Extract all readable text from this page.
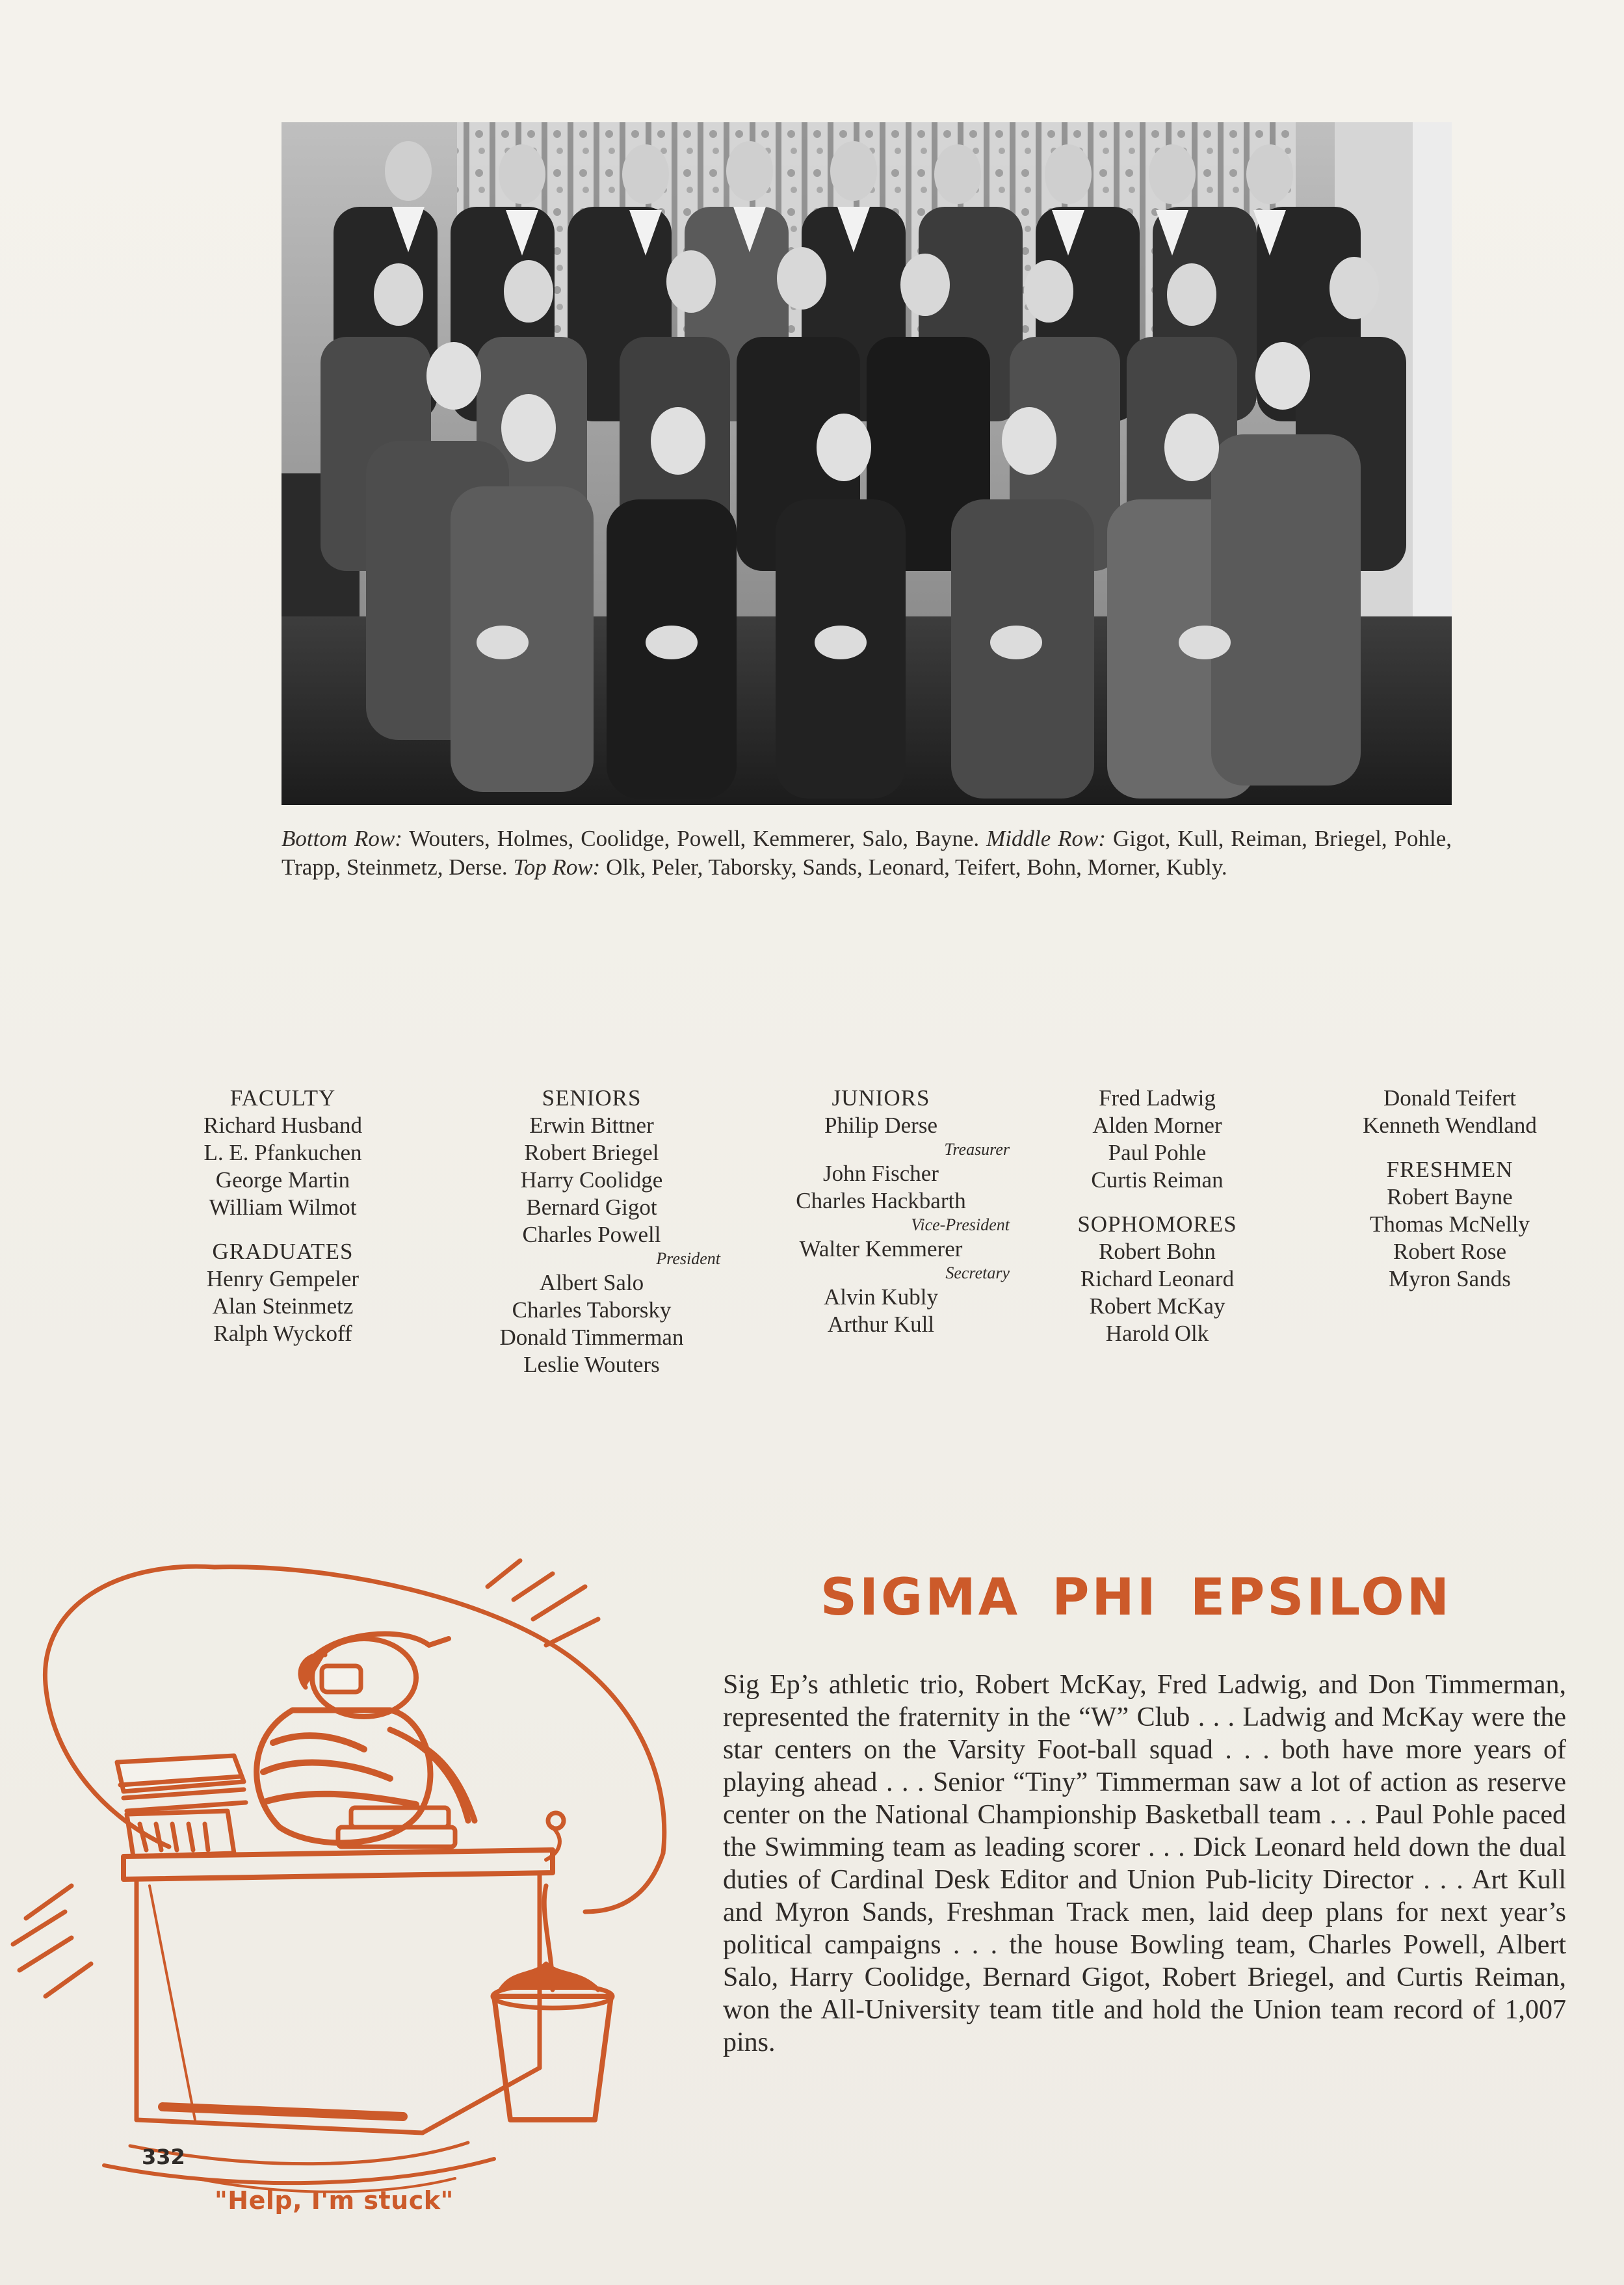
Bottom Row: Wouters, Holmes, Coolidge, Powell, Kemmerer, Salo, Bayne. Middle Row: Gigot, Kull, Reiman, Briegel, Pohle, Trapp, Steinmetz, Derse. Top Row: Olk, Peler, Taborsky, Sands, Leonard, Teifert, Bohn, Morner, Kubly.
FACULTY
Richard Husband
L. E. Pfankuchen
George Martin
William Wilmot
GRADUATES
Henry Gempeler
Alan Steinmetz
Ralph Wyckoff
SENIORS
Erwin Bittner
Robert Briegel
Harry Coolidge
Bernard Gigot
Charles Powell
President
Albert Salo
Charles Taborsky
Donald Timmerman
Leslie Wouters
JUNIORS
Philip Derse
Treasurer
John Fischer
Charles Hackbarth
Vice-President
Walter Kemmerer
Secretary
Alvin Kubly
Arthur Kull
Fred Ladwig
Alden Morner
Paul Pohle
Curtis Reiman
SOPHOMORES
Robert Bohn
Richard Leonard
Robert McKay
Harold Olk
Donald Teifert
Kenneth Wendland
FRESHMEN
Robert Bayne
Thomas McNelly
Robert Rose
Myron Sands
332
"Help, I'm stuck"
SIGMA PHI EPSILON
Sig Ep’s athletic trio, Robert McKay, Fred Ladwig, and Don Timmerman, represented the fraternity in the “W” Club . . . Ladwig and McKay were the star centers on the Varsity Foot-ball squad . . . both have more years of playing ahead . . . Senior “Tiny” Timmerman saw a lot of action as reserve center on the National Championship Basketball team . . . Paul Pohle paced the Swimming team as leading scorer . . . Dick Leonard held down the dual duties of Cardinal Desk Editor and Union Pub-licity Director . . . Art Kull and Myron Sands, Freshman Track men, laid deep plans for next year’s political campaigns . . . the house Bowling team, Charles Powell, Albert Salo, Harry Coolidge, Bernard Gigot, Robert Briegel, and Curtis Reiman, won the All-University team title and hold the Union team record of 1,007 pins.
